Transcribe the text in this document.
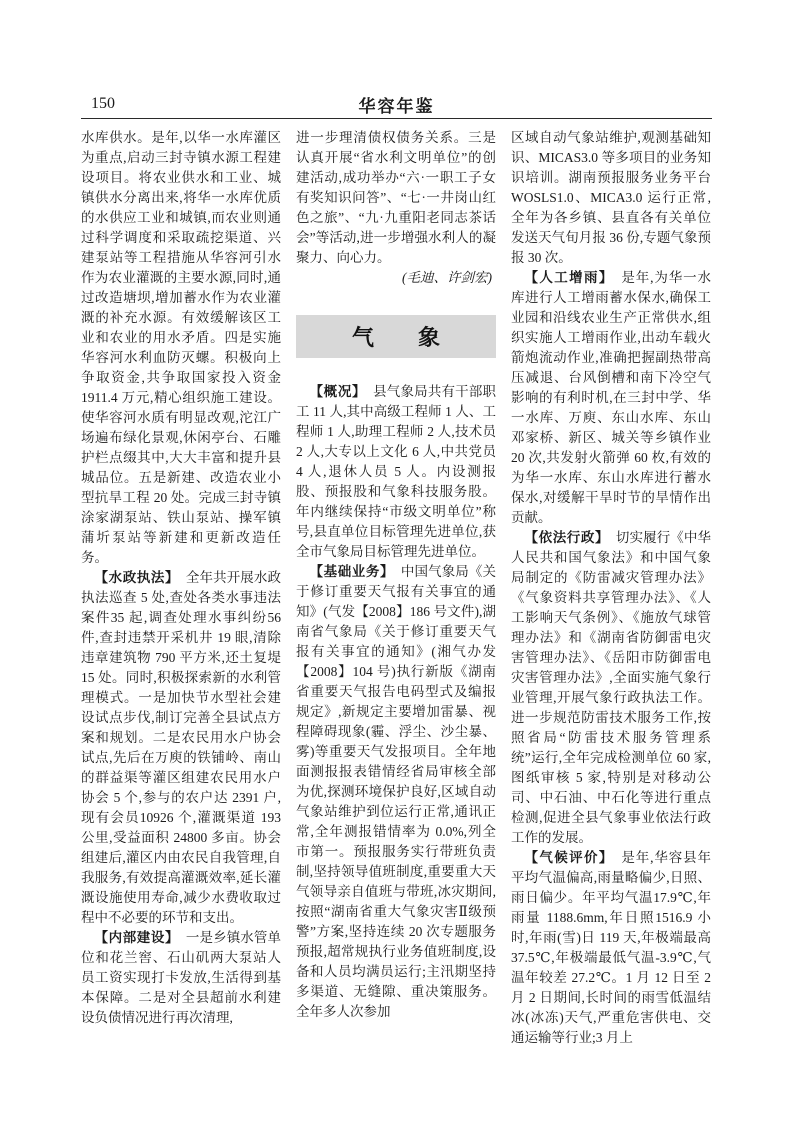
150	华容年鉴

水库供水。是年,以华一水库灌区为重点,启动三封寺镇水源工程建设项目。将农业供水和工业、城镇供水分离出来,将华一水库优质的水供应工业和城镇,而农业则通过科学调度和采取疏挖渠道、兴建泵站等工程措施从华容河引水作为农业灌溉的主要水源,同时,通过改造塘坝,增加蓄水作为农业灌溉的补充水源。有效缓解该区工业和农业的用水矛盾。四是实施华容河水利血防灭螺。积极向上争取资金,共争取国家投入资金 1911.4 万元,精心组织施工建设。使华容河水质有明显改观,沱江广场遍布绿化景观,休闲亭台、石雕护栏点缀其中,大大丰富和提升县城品位。五是新建、改造农业小型抗旱工程 20 处。完成三封寺镇涂家湖泵站、铁山泵站、操军镇蒲圻泵站等新建和更新改造任务。

【水政执法】 全年共开展水政执法巡查 5 处,查处各类水事违法案件35 起,调查处理水事纠纷56 件,查封违禁开采机井 19 眼,清除违章建筑物 790 平方米,还土复堤 15 处。同时,积极探索新的水利管理模式。一是加快节水型社会建设试点步伐,制订完善全县试点方案和规划。二是农民用水户协会试点,先后在万庾的铁铺岭、南山的群益渠等灌区组建农民用水户协会 5 个,参与的农户达 2391 户,现有会员10926 个,灌溉渠道 193 公里,受益面积 24800 多亩。协会组建后,灌区内由农民自我管理,自我服务,有效提高灌溉效率,延长灌溉设施使用寿命,减少水费收取过程中不必要的环节和支出。

【内部建设】 一是乡镇水管单位和花兰窖、石山矶两大泵站人员工资实现打卡发放,生活得到基本保障。二是对全县超前水利建设负债情况进行再次清理,

进一步理清债权债务关系。三是认真开展“省水利文明单位”的创建活动,成功举办“六·一职工子女有奖知识问答”、“七·一井岗山红色之旅”、“九·九重阳老同志茶话会”等活动,进一步增强水利人的凝聚力、向心力。

(毛迪、许剑宏)

气　　象

【概况】 县气象局共有干部职工 11 人,其中高级工程师 1 人、工程师 1 人,助理工程师 2 人,技术员 2 人,大专以上文化 6 人,中共党员 4 人,退休人员 5 人。内设测报股、预报股和气象科技服务股。年内继续保持“市级文明单位”称号,县直单位目标管理先进单位,获全市气象局目标管理先进单位。

【基础业务】 中国气象局《关于修订重要天气报有关事宜的通知》(气发【2008】186 号文件),湖南省气象局《关于修订重要天气报有关事宜的通知》(湘气办发【2008】104 号)执行新版《湖南省重要天气报告电码型式及编报规定》,新规定主要增加雷暴、视程障碍现象(霾、浮尘、沙尘暴、雾)等重要天气发报项目。全年地面测报报表错情经省局审核全部为优,探测环境保护良好,区域自动气象站维护到位运行正常,通讯正常,全年测报错情率为 0.0%,列全市第一。预报服务实行带班负责制,坚持领导值班制度,重要重大天气领导亲自值班与带班,冰灾期间,按照“湖南省重大气象灾害Ⅱ级预警”方案,坚持连续 20 次专题服务预报,超常规执行业务值班制度,设备和人员均满员运行;主汛期坚持多渠道、无缝隙、重决策服务。全年多人次参加

区域自动气象站维护,观测基础知识、MICAS3.0 等多项目的业务知识培训。湖南预报服务业务平台 WOSLS1.0、MICA3.0 运行正常,全年为各乡镇、县直各有关单位发送天气旬月报 36 份,专题气象预报 30 次。

【人工增雨】 是年,为华一水库进行人工增雨蓄水保水,确保工业园和沿线农业生产正常供水,组织实施人工增雨作业,出动车载火箭炮流动作业,准确把握副热带高压减退、台风倒槽和南下冷空气影响的有利时机,在三封中学、华一水库、万庾、东山水库、东山邓家桥、新区、城关等乡镇作业 20 次,共发射火箭弹 60 枚,有效的为华一水库、东山水库进行蓄水保水,对缓解干旱时节的旱情作出贡献。

【依法行政】 切实履行《中华人民共和国气象法》和中国气象局制定的《防雷减灾管理办法》《气象资料共享管理办法》、《人工影响天气条例》、《施放气球管理办法》和《湖南省防御雷电灾害管理办法》、《岳阳市防御雷电灾害管理办法》,全面实施气象行业管理,开展气象行政执法工作。进一步规范防雷技术服务工作,按照省局“防雷技术服务管理系统”运行,全年完成检测单位 60 家,图纸审核 5 家,特别是对移动公司、中石油、中石化等进行重点检测,促进全县气象事业依法行政工作的发展。

【气候评价】 是年,华容县年平均气温偏高,雨量略偏少,日照、雨日偏少。年平均气温17.9℃,年雨量 1188.6mm,年日照1516.9 小时,年雨(雪)日 119 天,年极端最高37.5℃,年极端最低气温-3.9℃,气温年较差 27.2℃。1 月 12 日至 2 月 2 日期间,长时间的雨雪低温结冰(冰冻)天气,严重危害供电、交通运输等行业;3 月上
